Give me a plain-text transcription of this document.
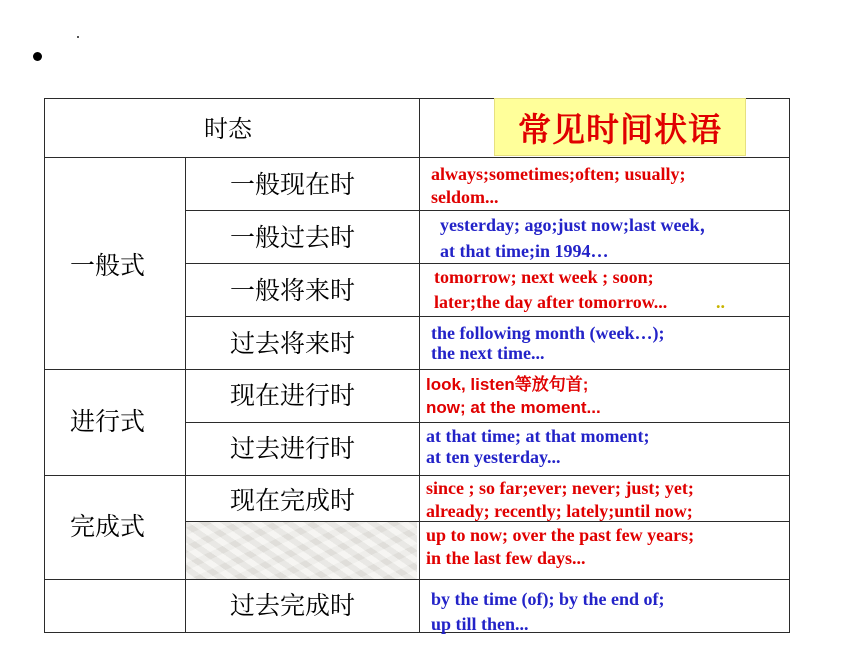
时态	常见时间状语
一般式
进行式
完成式
一般现在时
一般过去时
一般将来时
过去将来时
现在进行时
过去进行时
现在完成时
过去完成时
always;sometimes;often; usually;
seldom...
yesterday; ago;just now;last week，
at that time;in 1994…
tomorrow; next week ; soon;
later;the day after tomorrow...	..
the following month (week…);
the next time...
look, listen等放句首;
now; at the moment...
at that time; at that moment;
at ten yesterday...
since ; so far;ever; never; just; yet;
already; recently; lately;until now;
up to now; over the past few years;
in the last few days...
by the time (of); by the end of;
up till then...
